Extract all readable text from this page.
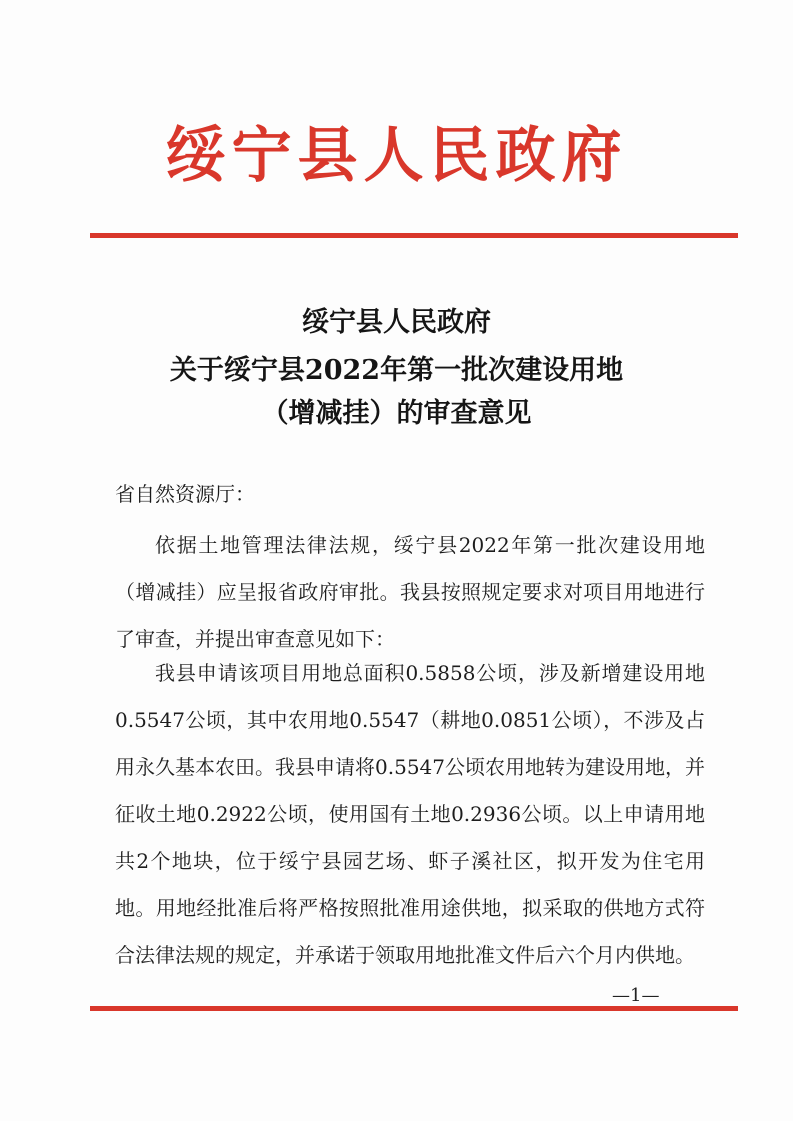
绥宁县人民政府
绥宁县人民政府
关于绥宁县2022年第一批次建设用地
（增减挂）的审查意见
省自然资源厅：
依据土地管理法律法规，绥宁县2022年第一批次建设用地（增减挂）应呈报省政府审批。我县按照规定要求对项目用地进行了审查，并提出审查意见如下：
我县申请该项目用地总面积0.5858公顷，涉及新增建设用地0.5547公顷，其中农用地0.5547（耕地0.0851公顷），不涉及占用永久基本农田。我县申请将0.5547公顷农用地转为建设用地，并征收土地0.2922公顷，使用国有土地0.2936公顷。以上申请用地共2个地块，位于绥宁县园艺场、虾子溪社区，拟开发为住宅用地。用地经批准后将严格按照批准用途供地，拟采取的供地方式符合法律法规的规定，并承诺于领取用地批准文件后六个月内供地。
—1—
